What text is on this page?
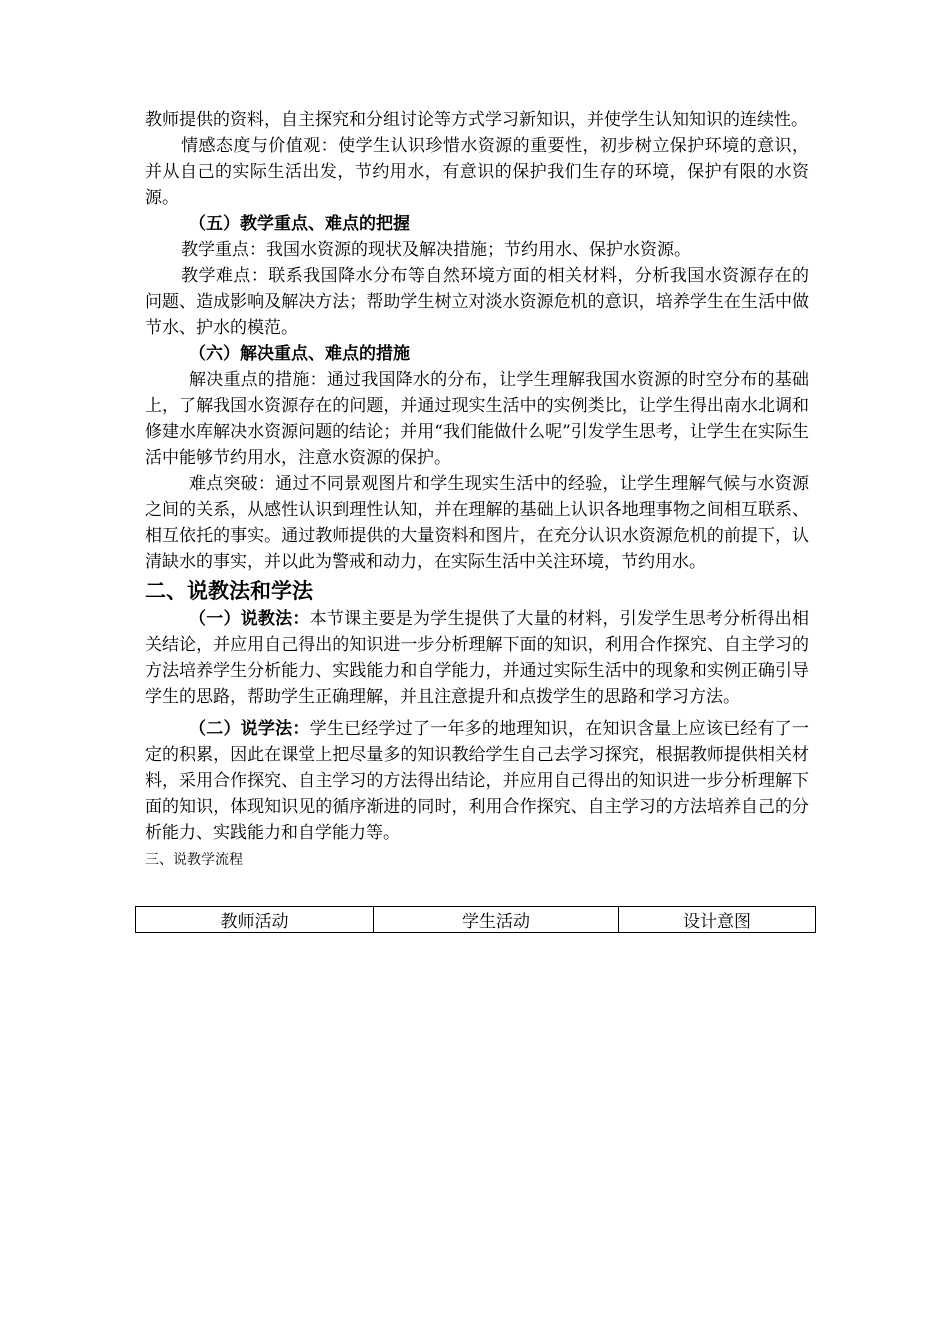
教师提供的资料，自主探究和分组讨论等方式学习新知识，并使学生认知知识的连续性。

情感态度与价值观：使学生认识珍惜水资源的重要性，初步树立保护环境的意识，并从自己的实际生活出发，节约用水，有意识的保护我们生存的环境，保护有限的水资源。

（五）教学重点、难点的把握

教学重点：我国水资源的现状及解决措施；节约用水、保护水资源。

教学难点：联系我国降水分布等自然环境方面的相关材料，分析我国水资源存在的问题、造成影响及解决方法；帮助学生树立对淡水资源危机的意识，培养学生在生活中做节水、护水的模范。

（六）解决重点、难点的措施

解决重点的措施：通过我国降水的分布，让学生理解我国水资源的时空分布的基础上，了解我国水资源存在的问题，并通过现实生活中的实例类比，让学生得出南水北调和修建水库解决水资源问题的结论；并用“我们能做什么呢”引发学生思考，让学生在实际生活中能够节约用水，注意水资源的保护。

难点突破：通过不同景观图片和学生现实生活中的经验，让学生理解气候与水资源之间的关系，从感性认识到理性认知，并在理解的基础上认识各地理事物之间相互联系、相互依托的事实。通过教师提供的大量资料和图片，在充分认识水资源危机的前提下，认清缺水的事实，并以此为警戒和动力，在实际生活中关注环境，节约用水。

二、说教法和学法

（一）说教法：本节课主要是为学生提供了大量的材料，引发学生思考分析得出相关结论，并应用自己得出的知识进一步分析理解下面的知识，利用合作探究、自主学习的方法培养学生分析能力、实践能力和自学能力，并通过实际生活中的现象和实例正确引导学生的思路，帮助学生正确理解，并且注意提升和点拨学生的思路和学习方法。

（二）说学法：学生已经学过了一年多的地理知识，在知识含量上应该已经有了一定的积累，因此在课堂上把尽量多的知识教给学生自己去学习探究，根据教师提供相关材料，采用合作探究、自主学习的方法得出结论，并应用自己得出的知识进一步分析理解下面的知识，体现知识见的循序渐进的同时，利用合作探究、自主学习的方法培养自己的分析能力、实践能力和自学能力等。

三、说教学流程
教师活动	学生活动	设计意图
